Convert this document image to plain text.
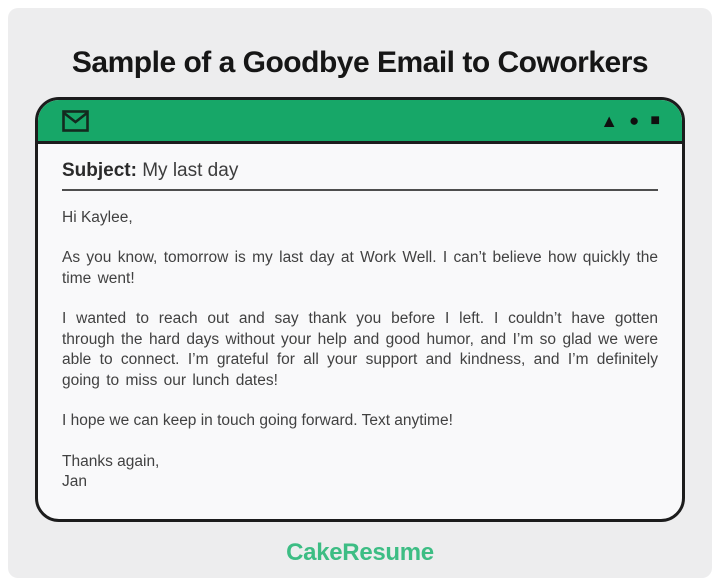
Sample of a Goodbye Email to Coworkers
▲ ● ■
Subject: My last day

Hi Kaylee,

As you know, tomorrow is my last day at Work Well. I can’t believe how quickly the time went!

I wanted to reach out and say thank you before I left. I couldn’t have gotten through the hard days without your help and good humor, and I’m so glad we were able to connect. I’m grateful for all your support and kindness, and I’m definitely going to miss our lunch dates!

I hope we can keep in touch going forward. Text anytime!

Thanks again,

Jan

CakeResume
